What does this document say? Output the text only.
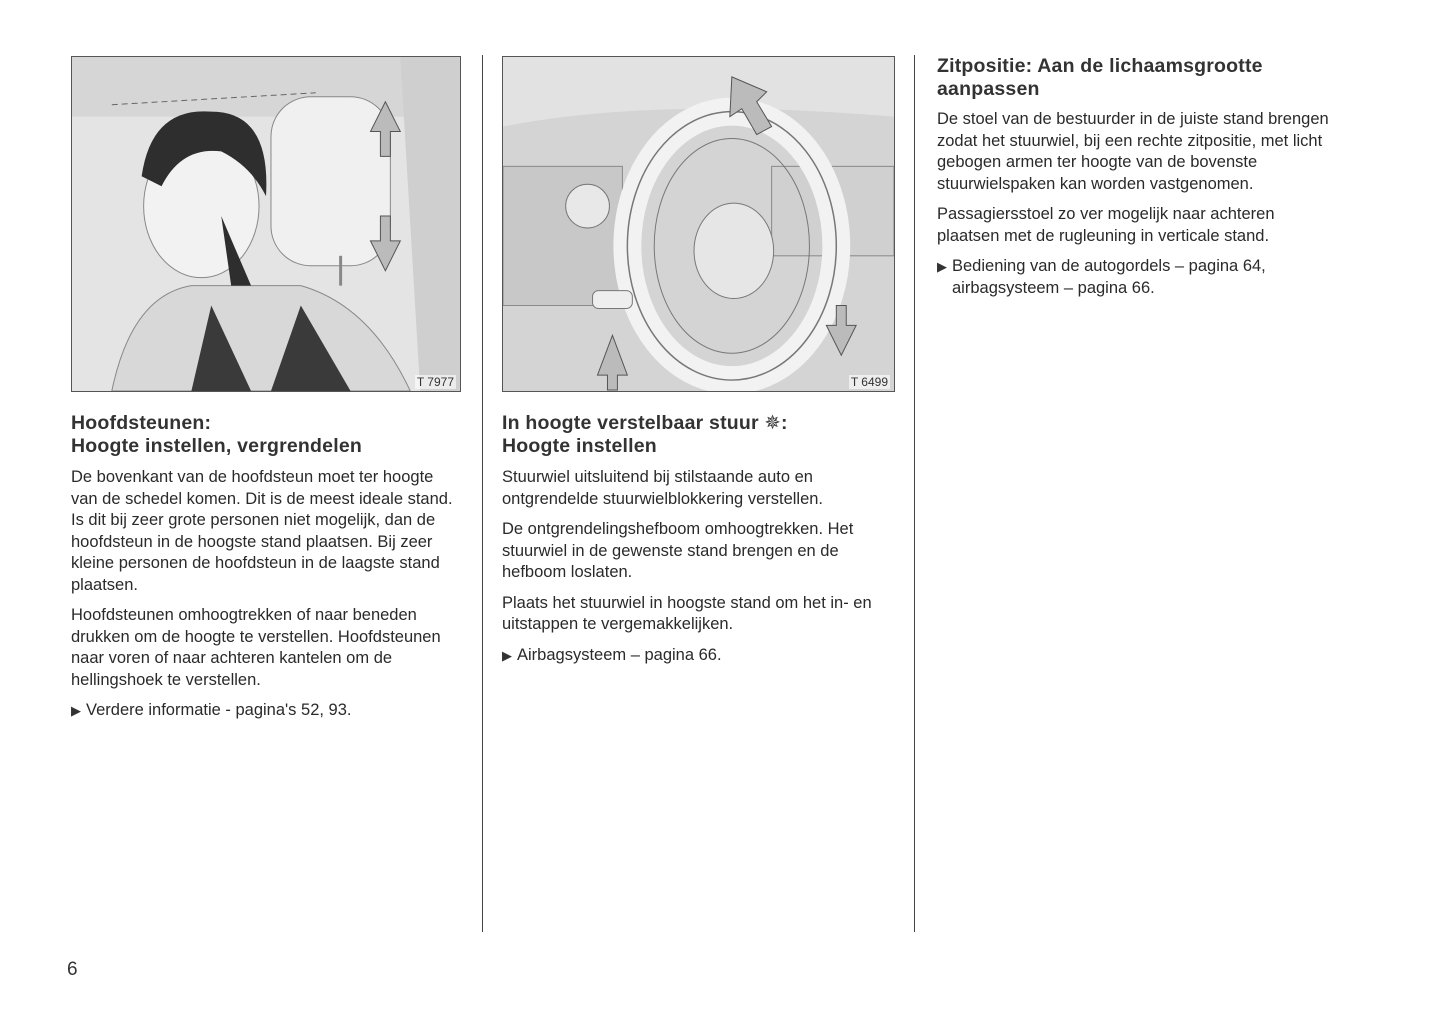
T 7977
Hoofdsteunen:
Hoogte instellen, vergrendelen

De bovenkant van de hoofdsteun moet ter hoogte van de schedel komen. Dit is de meest ideale stand. Is dit bij zeer grote personen niet mogelijk, dan de hoofdsteun in de hoogste stand plaatsen. Bij zeer kleine personen de hoofdsteun in de laagste stand plaatsen.

Hoofdsteunen omhoogtrekken of naar beneden drukken om de hoogte te verstellen. Hoofdsteunen naar voren of naar achteren kantelen om de hellingshoek te verstellen.

▶ Verdere informatie - pagina's 52, 93.

T 6499
In hoogte verstelbaar stuur ✵:
Hoogte instellen

Stuurwiel uitsluitend bij stilstaande auto en ontgrendelde stuurwielblokkering verstellen.

De ontgrendelingshefboom omhoogtrekken. Het stuurwiel in de gewenste stand brengen en de hefboom loslaten.

Plaats het stuurwiel in hoogste stand om het in- en uitstappen te vergemakkelijken.

▶ Airbagsysteem – pagina 66.

Zitpositie: Aan de lichaamsgrootte
aanpassen

De stoel van de bestuurder in de juiste stand brengen zodat het stuurwiel, bij een rechte zitpositie, met licht gebogen armen ter hoogte van de bovenste stuurwielspaken kan worden vastgenomen.

Passagiersstoel zo ver mogelijk naar achteren plaatsen met de rugleuning in verticale stand.

▶ Bediening van de autogordels – pagina 64, airbagsysteem – pagina 66.

6
